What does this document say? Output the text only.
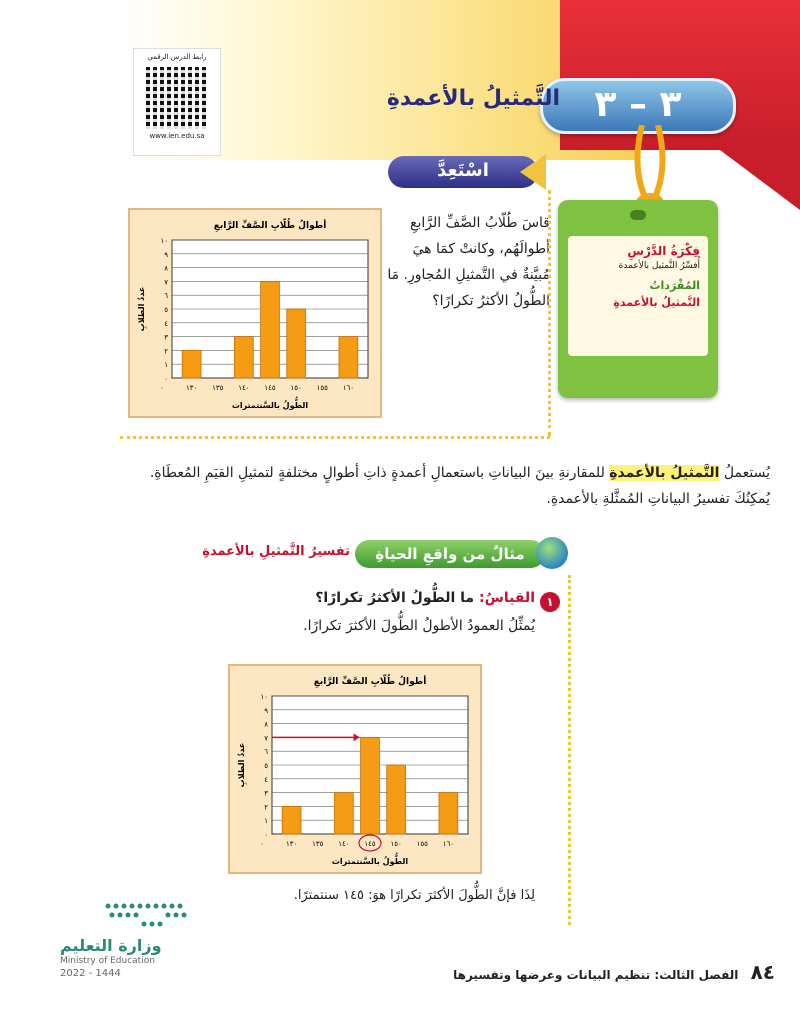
رابط الدرس الرقمي
www.ien.edu.sa
٣ – ٣
التَّمثيلُ بالأعمدةِ

فِكْرَةُ الدَّرْسِ

أُفسِّرُ التَّمثيل بالأعمدة

المُفْرَداتُ

التَّمثيلُ بالأعمدةِ

اسْتَعِدَّ
قاسَ طُلّابُ الصَّفِّ الرَّابعِ أطوالَهُم، وكانتْ كمَا هيَ مُبيَّنةٌ في التَّمثيلِ المُجاورِ. مَا الطُّولُ الأكثرُ تكرارًا؟
أطوالُ طُلّابِ الصَّفِّ الرَّابعِ
٠
١
٢
٣
٤
٥
٦
٧
٨
٩
١٠
١٣٠ ١٣٥ ١٤٠ ١٤٥ ١٥٠ ١٥٥ ١٦٠
٠
الطُّولُ بالسَّنتمترات
عددُ الطلابِ
يُستعملُ التَّمثيلُ بالأعمدةِ للمقارنةِ بينَ البياناتِ باستعمالِ أعمدةٍ ذاتِ أطوالٍ مختلفةٍ لتمثيلِ القيَمِ المُعطَاةِ. يُمكِنُكَ تفسيرُ البياناتِ المُمثَّلةِ بالأعمدةِ.
مثالٌ من واقعِ الحياةِ
تفسيرُ التَّمثيلِ بالأعمدةِ
١
القياسُ: ما الطُّولُ الأكثرُ تكرارًا؟
يُمثِّلُ العمودُ الأطولُ الطُّولَ الأكثرَ تكرارًا.
أطوالُ طُلّابِ الصَّفِّ الرَّابعِ
٠
١
٢
٣
٤
٥
٦
٧
٨
٩
١٠
١٣٠ ١٣٥ ١٤٠ ١٤٥ ١٥٠ ١٥٥ ١٦٠
٠
الطُّولُ بالسَّنتمترات
عددُ الطلابِ
لِذَا فإنَّ الطُّولَ الأكثرَ تكرارًا هوَ: ١٤٥ سنتمترًا.
وزارة التعليم
Ministry of Education
2022 - 1444	٨٤ الفصل الثالث: تنظيم البيانات وعرضها وتفسيرها
